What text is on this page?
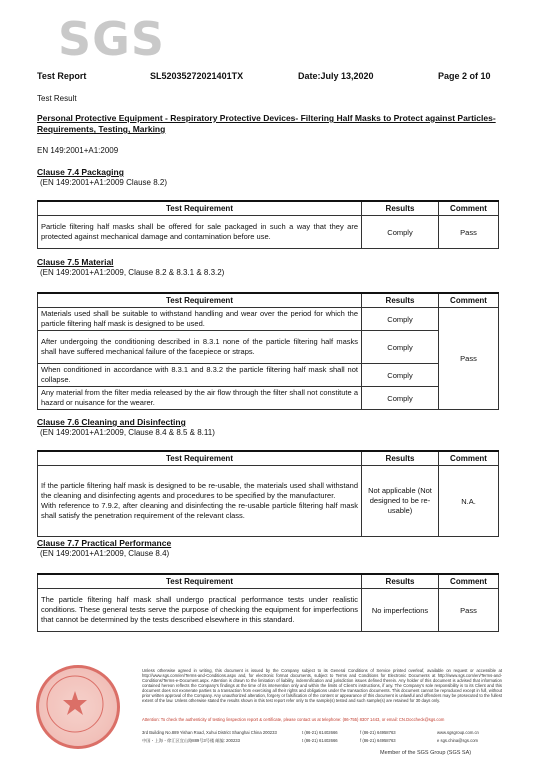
SGS
Test Report	SL52035272021401TX	Date:July 13,2020	Page 2 of 10
Test Result
Personal Protective Equipment - Respiratory Protective Devices- Filtering Half Masks to Protect against Particles- Requirements, Testing, Marking
EN 149:2001+A1:2009
Clause 7.4 Packaging
(EN 149:2001+A1:2009 Clause 8.2)
Test Requirement	Results	Comment
Particle filtering half masks shall be offered for sale packaged in such a way that they are protected against mechanical damage and contamination before use.	Comply	Pass
Clause 7.5 Material
(EN 149:2001+A1:2009, Clause 8.2 & 8.3.1 & 8.3.2)
Test Requirement	Results	Comment
Materials used shall be suitable to withstand handling and wear over the period for which the particle filtering half mask is designed to be used.	Comply	Pass
After undergoing the conditioning described in 8.3.1 none of the particle filtering half masks shall have suffered mechanical failure of the facepiece or straps.	Comply	
When conditioned in accordance with 8.3.1 and 8.3.2 the particle filtering half mask shall not collapse.	Comply	
Any material from the filter media released by the air flow through the filter shall not constitute a hazard or nuisance for the wearer.	Comply	
Clause 7.6 Cleaning and Disinfecting
(EN 149:2001+A1:2009, Clause 8.4 & 8.5 & 8.11)
Test Requirement	Results	Comment

If the particle filtering half mask is designed to be re-usable, the materials used shall withstand the cleaning and disinfecting agents and procedures to be specified by the manufacturer.
With reference to 7.9.2, after cleaning and disinfecting the re-usable particle filtering half mask shall satisfy the penetration requirement of the relevant class.	Not applicable (Not designed to be re-usable)	N.A.
Clause 7.7 Practical Performance
(EN 149:2001+A1:2009, Clause 8.4)
Test Requirement	Results	Comment
The particle filtering half mask shall undergo practical performance tests under realistic conditions. These general tests serve the purpose of checking the equipment for imperfections that cannot be determined by the tests described elsewhere in this standard.	No imperfections	Pass
Unless otherwise agreed in writing, this document is issued by the Company subject to its General Conditions of Service printed overleaf, available on request or accessible at http://www.sgs.com/en/Terms-and-Conditions.aspx and, for electronic format documents, subject to Terms and Conditions for Electronic Documents at http://www.sgs.com/en/Terms-and-Conditions/Terms-e-Document.aspx. Attention is drawn to the limitation of liability, indemnification and jurisdiction issues defined therein. Any holder of this document is advised that information contained hereon reflects the Company's findings at the time of its intervention only and within the limits of Client's instructions, if any. The Company's sole responsibility is to its Client and this document does not exonerate parties to a transaction from exercising all their rights and obligations under the transaction documents. This document cannot be reproduced except in full, without prior written approval of the Company. Any unauthorized alteration, forgery or falsification of the content or appearance of this document is unlawful and offenders may be prosecuted to the fullest extent of the law. Unless otherwise stated the results shown in this test report refer only to the sample(s) tested and such sample(s) are retained for 30 days only.
Attention: To check the authenticity of testing /inspection report & certificate, please contact us at telephone: (86-755) 8307 1443, or email: CN.Doccheck@sgs.com
3rd Building No.889 Yishan Road, Xuhui District Shanghai China 200233	t (86-21) 61402666	f (86-21) 64958763	www.sgsgroup.com.cn
中国・上海・徐汇区宜山路889号3号楼 邮编: 200233	t (86-21) 61402666	f (86-21) 64958763	e sgs.china@sgs.com
Member of the SGS Group (SGS SA)
